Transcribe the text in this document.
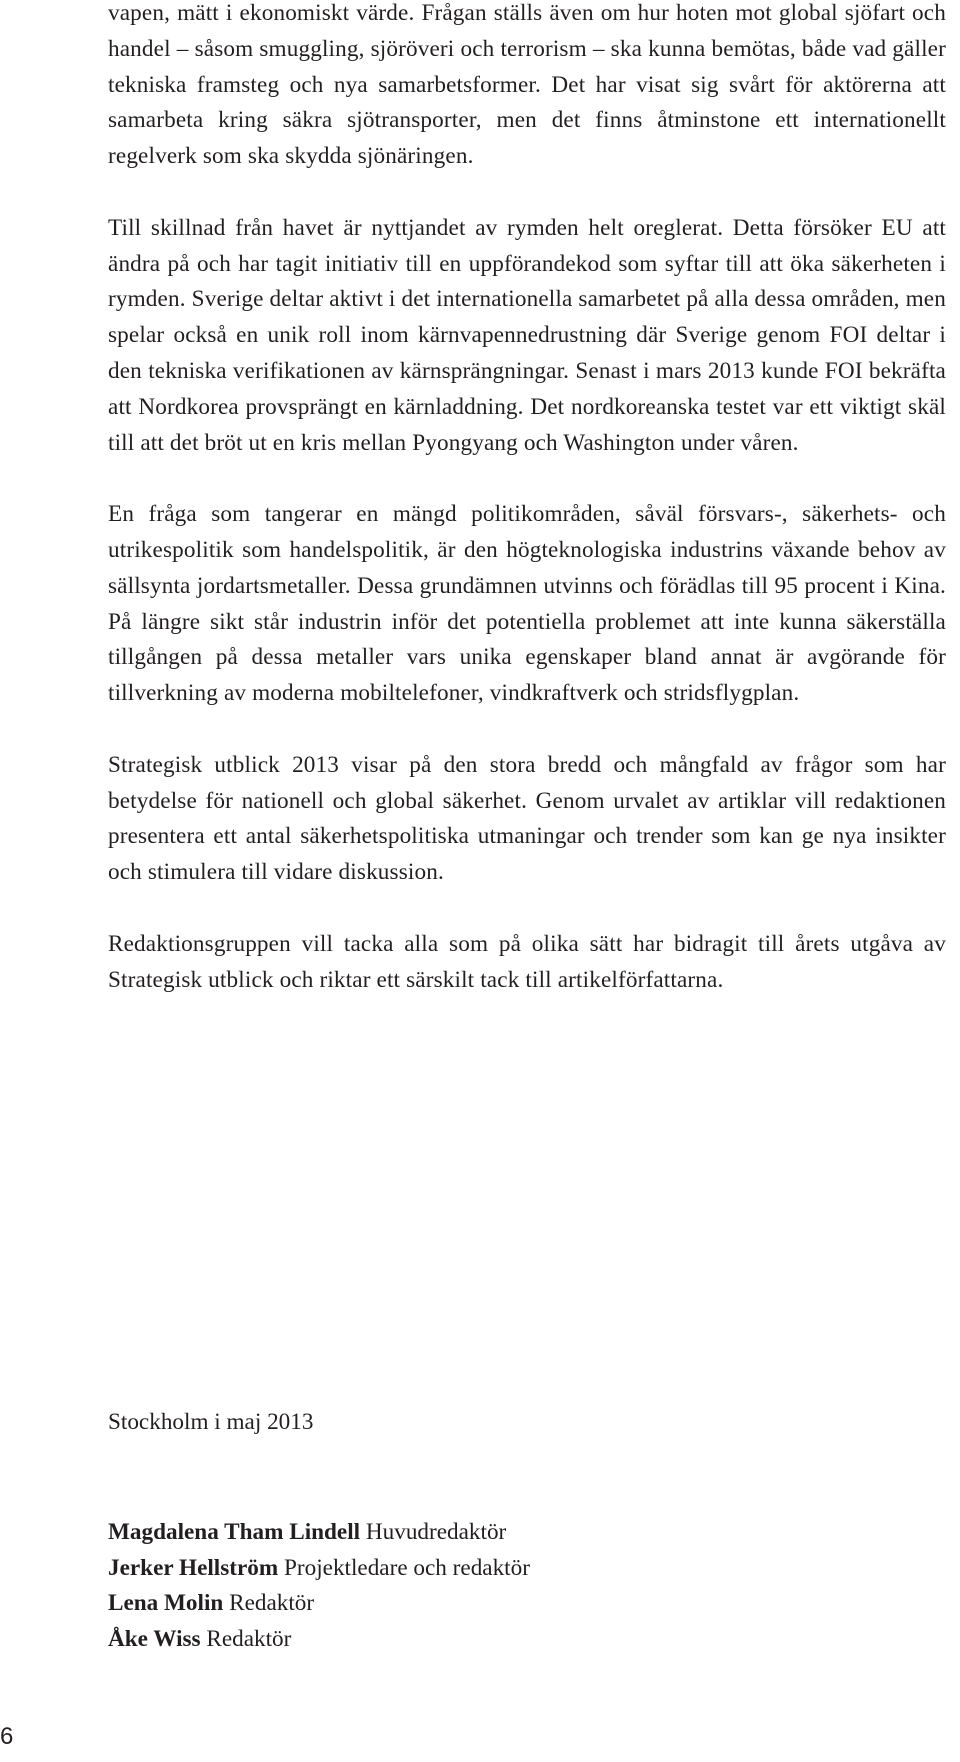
vapen, mätt i ekonomiskt värde. Frågan ställs även om hur hoten mot global sjöfart och handel – såsom smuggling, sjöröveri och terrorism – ska kunna bemötas, både vad gäller tekniska framsteg och nya samarbetsformer. Det har visat sig svårt för aktörerna att samarbeta kring säkra sjötransporter, men det finns åtminstone ett internationellt regelverk som ska skydda sjönäringen.

Till skillnad från havet är nyttjandet av rymden helt oreglerat. Detta försöker EU att ändra på och har tagit initiativ till en uppförandekod som syftar till att öka säkerheten i rymden. Sverige deltar aktivt i det internationella samarbetet på alla dessa områden, men spelar också en unik roll inom kärnvapennedrustning där Sverige genom FOI deltar i den tekniska verifikationen av kärnsprängningar. Senast i mars 2013 kunde FOI bekräfta att Nordkorea provsprängt en kärnladdning. Det nordkoreanska testet var ett viktigt skäl till att det bröt ut en kris mellan Pyongyang och Washington under våren.

En fråga som tangerar en mängd politikområden, såväl försvars-, säkerhets- och utrikespolitik som handelspolitik, är den högteknologiska industrins växande behov av sällsynta jordartsmetaller. Dessa grundämnen utvinns och förädlas till 95 procent i Kina. På längre sikt står industrin inför det potentiella problemet att inte kunna säkerställa tillgången på dessa metaller vars unika egenskaper bland annat är avgörande för tillverkning av moderna mobiltelefoner, vindkraftverk och stridsflygplan.

Strategisk utblick 2013 visar på den stora bredd och mångfald av frågor som har betydelse för nationell och global säkerhet. Genom urvalet av artiklar vill redaktionen presentera ett antal säkerhetspolitiska utmaningar och trender som kan ge nya insikter och stimulera till vidare diskussion.

Redaktionsgruppen vill tacka alla som på olika sätt har bidragit till årets utgåva av Strategisk utblick och riktar ett särskilt tack till artikelförfattarna.

Stockholm i maj 2013
Magdalena Tham Lindell Huvudredaktör
Jerker Hellström Projektledare och redaktör
Lena Molin Redaktör
Åke Wiss Redaktör
6
